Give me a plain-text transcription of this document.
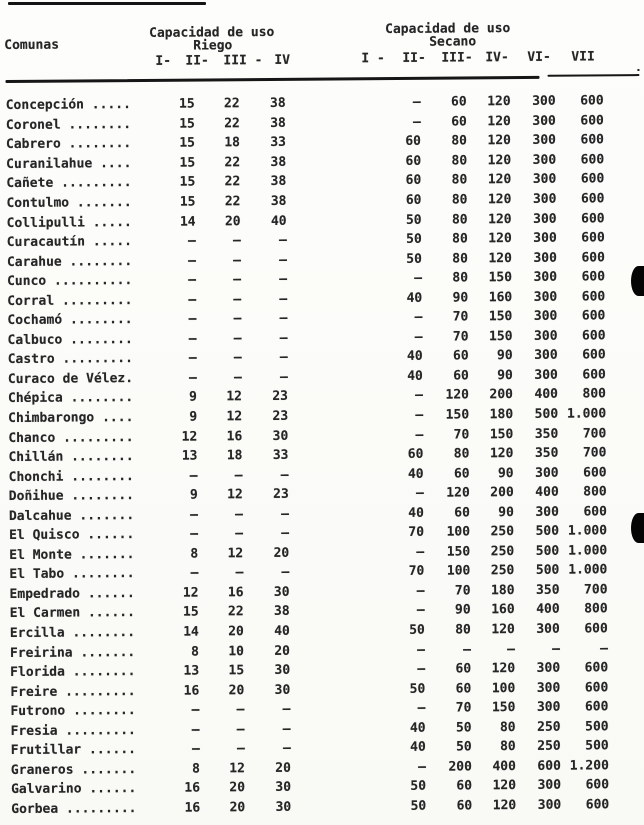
Comunas
Capacidad de uso
Riego
I- II- III - IV
Capacidad de uso
Secano
I - II- III- IV- VI- VII
Concepción .....	15	22	38	–	60	120	300	600
Coronel ........	15	22	38	–	60	120	300	600
Cabrero ........	15	18	33	60	80	120	300	600
Curanilahue ....	15	22	38	60	80	120	300	600
Cañete .........	15	22	38	60	80	120	300	600
Contulmo .......	15	22	38	60	80	120	300	600
Collipulli .....	14	20	40	50	80	120	300	600
Curacautín .....	–	–	–	50	80	120	300	600
Carahue ........	–	–	–	50	80	120	300	600
Cunco ..........	–	–	–	–	80	150	300	600
Corral .........	–	–	–	40	90	160	300	600
Cochamó ........	–	–	–	–	70	150	300	600
Calbuco ........	–	–	–	–	70	150	300	600
Castro .........	–	–	–	40	60	90	300	600
Curaco de Vélez.	–	–	–	40	60	90	300	600
Chépica ........	9	12	23	–	120	200	400	800
Chimbarongo ....	9	12	23	–	150	180	500 1.000
Chanco .........	12	16	30	–	70	150	350	700
Chillán ........	13	18	33	60	80	120	350	700
Chonchi ........	–	–	–	40	60	90	300	600
Doñihue ........	9	12	23	–	120	200	400	800
Dalcahue .......	–	–	–	40	60	90	300	600
El Quisco ......	–	–	–	70	100	250	500 1.000
El Monte .......	8	12	20	–	150	250	500 1.000
El Tabo ........	–	–	–	70	100	250	500 1.000
Empedrado ......	12	16	30	–	70	180	350	700
El Carmen ......	15	22	38	–	90	160	400	800
Ercilla ........	14	20	40	50	80	120	300	600
Freirina .......	8	10	20	–	–	–	–	–
Florida ........	13	15	30	–	60	120	300	600
Freire .........	16	20	30	50	60	100	300	600
Futrono ........	–	–	–	–	70	150	300	600
Fresia .........	–	–	–	40	50	80	250	500
Frutillar ......	–	–	–	40	50	80	250	500
Graneros .......	8	12	20	–	200	400	600 1.200
Galvarino ......	16	20	30	50	60	120	300	600
Gorbea .........	16	20	30	50	60	120	300	600
